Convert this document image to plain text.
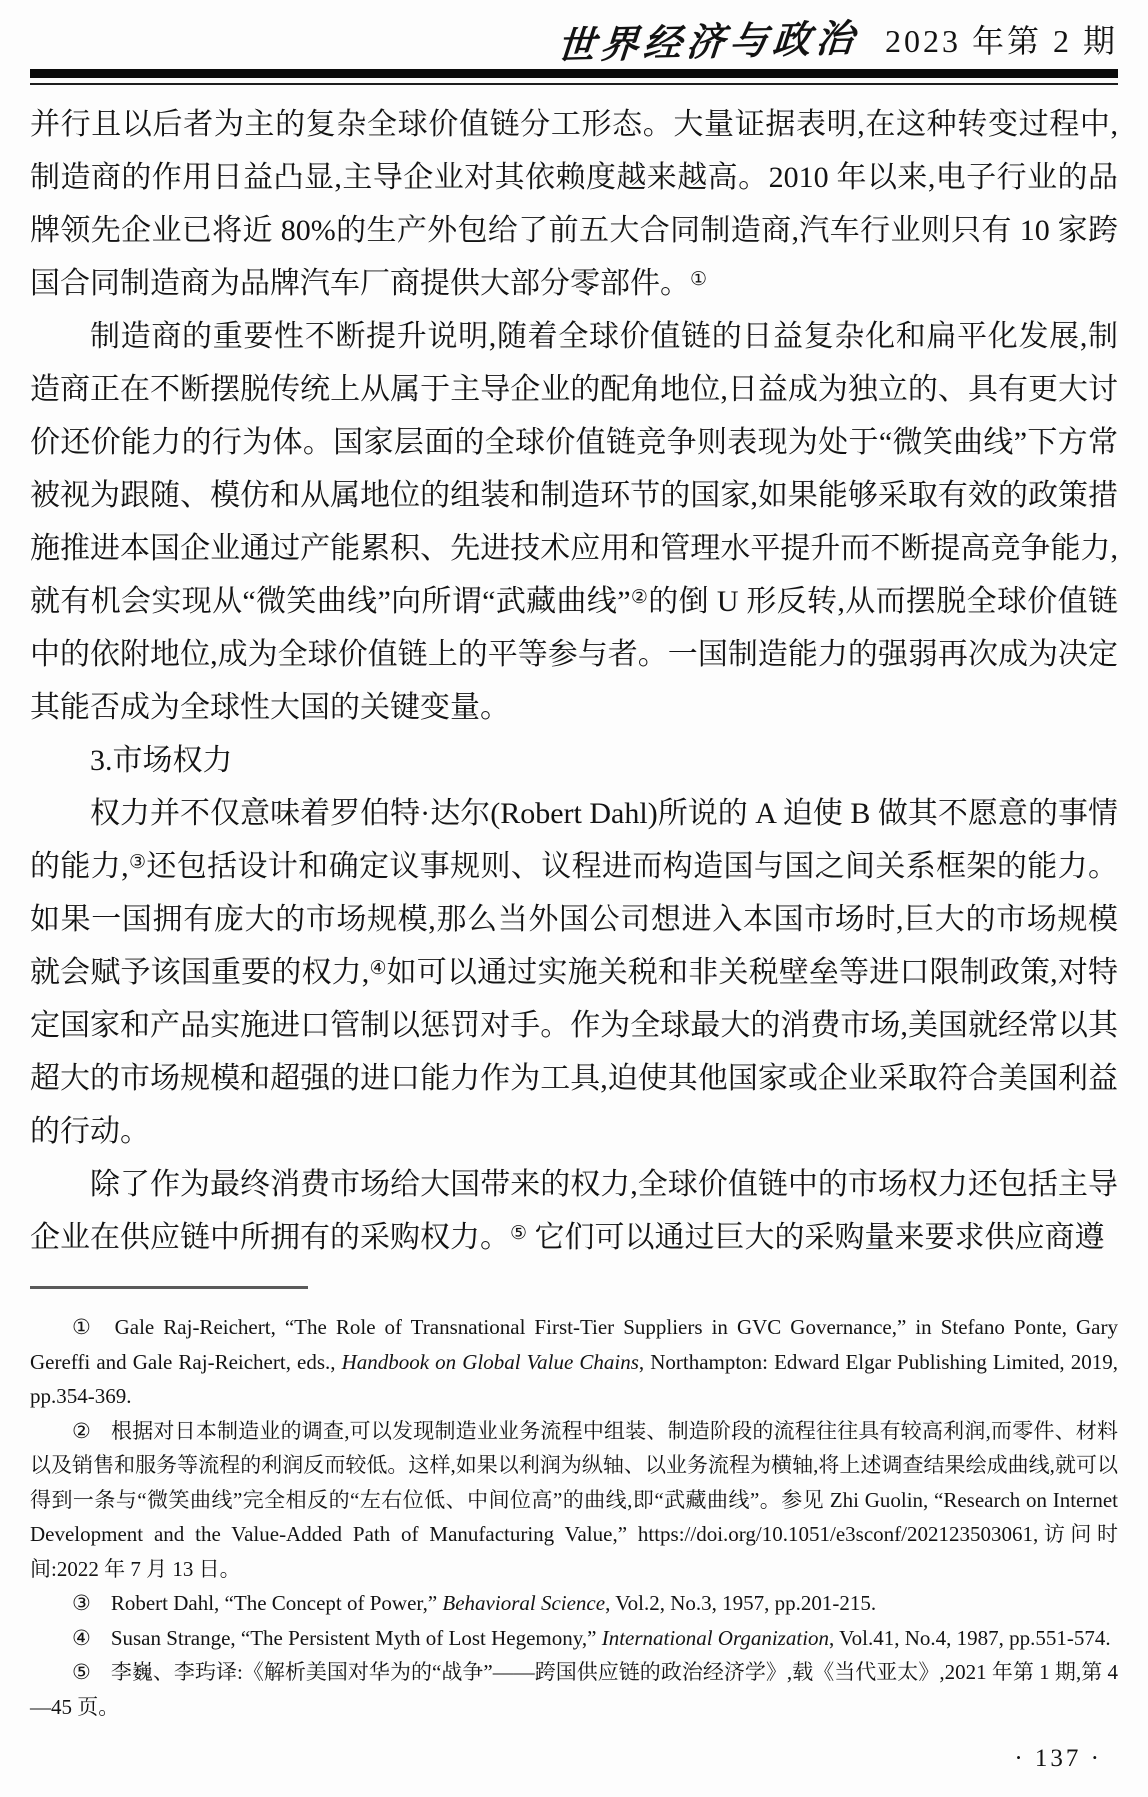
世界经济与政治 2023 年第 2 期

并行且以后者为主的复杂全球价值链分工形态。大量证据表明,在这种转变过程中,制造商的作用日益凸显,主导企业对其依赖度越来越高。2010 年以来,电子行业的品牌领先企业已将近 80%的生产外包给了前五大合同制造商,汽车行业则只有 10 家跨国合同制造商为品牌汽车厂商提供大部分零部件。①

制造商的重要性不断提升说明,随着全球价值链的日益复杂化和扁平化发展,制造商正在不断摆脱传统上从属于主导企业的配角地位,日益成为独立的、具有更大讨价还价能力的行为体。国家层面的全球价值链竞争则表现为处于“微笑曲线”下方常被视为跟随、模仿和从属地位的组装和制造环节的国家,如果能够采取有效的政策措施推进本国企业通过产能累积、先进技术应用和管理水平提升而不断提高竞争能力,就有机会实现从“微笑曲线”向所谓“武藏曲线”②的倒 U 形反转,从而摆脱全球价值链中的依附地位,成为全球价值链上的平等参与者。一国制造能力的强弱再次成为决定其能否成为全球性大国的关键变量。

3.市场权力

权力并不仅意味着罗伯特·达尔(Robert Dahl)所说的 A 迫使 B 做其不愿意的事情的能力,③还包括设计和确定议事规则、议程进而构造国与国之间关系框架的能力。如果一国拥有庞大的市场规模,那么当外国公司想进入本国市场时,巨大的市场规模就会赋予该国重要的权力,④如可以通过实施关税和非关税壁垒等进口限制政策,对特定国家和产品实施进口管制以惩罚对手。作为全球最大的消费市场,美国就经常以其超大的市场规模和超强的进口能力作为工具,迫使其他国家或企业采取符合美国利益的行动。

除了作为最终消费市场给大国带来的权力,全球价值链中的市场权力还包括主导企业在供应链中所拥有的采购权力。⑤ 它们可以通过巨大的采购量来要求供应商遵

① Gale Raj-Reichert, “The Role of Transnational First-Tier Suppliers in GVC Governance,” in Stefano Ponte, Gary Gereffi and Gale Raj-Reichert, eds., Handbook on Global Value Chains, Northampton: Edward Elgar Publishing Limited, 2019, pp.354-369.

② 根据对日本制造业的调查,可以发现制造业业务流程中组装、制造阶段的流程往往具有较高利润,而零件、材料以及销售和服务等流程的利润反而较低。这样,如果以利润为纵轴、以业务流程为横轴,将上述调查结果绘成曲线,就可以得到一条与“微笑曲线”完全相反的“左右位低、中间位高”的曲线,即“武藏曲线”。参见 Zhi Guolin, “Research on Internet Development and the Value-Added Path of Manufacturing Value,” https://doi.org/10.1051/e3sconf/202123503061,访问时间:2022 年 7 月 13 日。

③ Robert Dahl, “The Concept of Power,” Behavioral Science, Vol.2, No.3, 1957, pp.201-215.

④ Susan Strange, “The Persistent Myth of Lost Hegemony,” International Organization, Vol.41, No.4, 1987, pp.551-574.

⑤ 李巍、李玙译:《解析美国对华为的“战争”——跨国供应链的政治经济学》,载《当代亚太》,2021 年第 1 期,第 4—45 页。

· 137 ·
